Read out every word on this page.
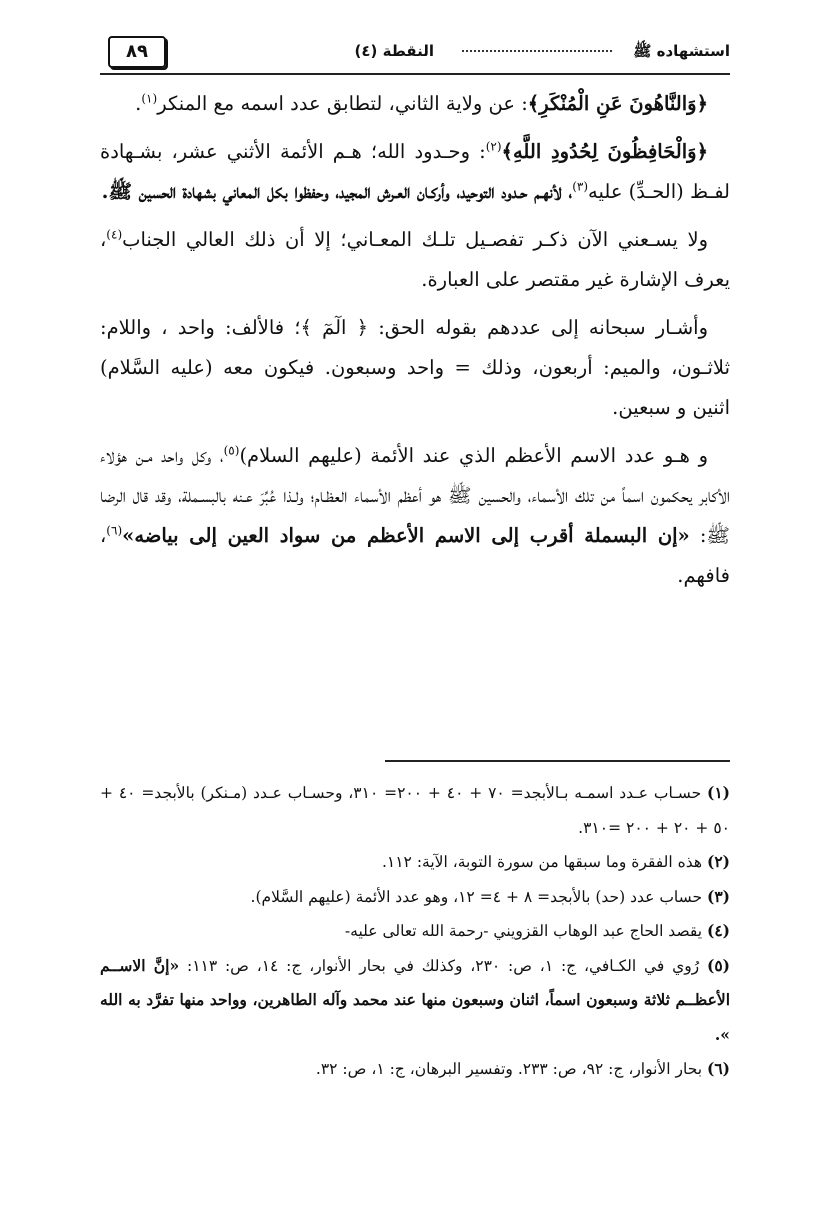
استشهاده ﷺ
النقطة (٤)
٨٩

﴿وَالنَّاهُونَ عَنِ الْمُنْكَرِ﴾: عن ولاية الثاني، لتطابق عدد اسمه مع المنكر$^{(١)}$.

﴿وَالْحَافِظُونَ لِحُدُودِ اللَّهِ﴾$^{(٢)}$: وحـدود الله؛ هـم الأئمة الأثني عشر، بشـهادة لفـظ (الحـدِّ) عليه$^{(٣)}$، لأنهـم حـدود التوحيد، وأركـان العـرش المجيد، وحفظوا بكل المعاني بشهادة الحسين ﷺ.

ولا يسـعني الآن ذكـر تفصـيل تلـك المعـاني؛ إلا أن ذلك العالي الجناب$^{(٤)}$، يعرف الإشارة غير مقتصر على العبارة.

وأشـار سبحانه إلى عددهم بقوله الحق: ﴿ الٓمٓ ﴾؛ فالألف: واحد ، واللام: ثلاثـون، والميم: أربعون، وذلك = واحد وسبعون. فيكون معه (عليه السَّلام) اثنين و سبعين.

و هـو عدد الاسم الأعظم الذي عند الأئمة (عليهم السلام)$^{(٥)}$، وكل واحد مـن هؤلاء الأكابر يحكمون اسماً من تلك الأسماء، والحسين ﷺ هو أعظم الأسماء العظـام؛ ولـذا عُبِّرَ عـنه بالبسـملة، وقد قال الرضا ﷺ: «إن البسملة أقرب إلى الاسم الأعظم من سواد العين إلى بياضه»$^{(٦)}$، فافهم.

(١) حسـاب عـدد اسمـه بـالأبجد= ٧٠ + ٤٠ + ٢٠٠= ٣١٠، وحسـاب عـدد (مـنكر) بالأبجد= ٤٠ + ٥٠ + ٢٠ + ٢٠٠ =٣١٠.

(٢) هذه الفقرة وما سبقها من سورة التوبة، الآية: ١١٢.

(٣) حساب عدد (حد) بالأبجد= ٨ + ٤= ١٢، وهو عدد الأئمة (عليهم السَّلام).

(٤) يقصد الحاج عبد الوهاب القزويني -رحمة الله تعالى عليه-

(٥) رُوي في الكـافي، ج: ١، ص: ٢٣٠، وكذلك في بحار الأنوار، ج: ١٤، ص: ١١٣: «إنَّ الاســم الأعظــم ثلاثة وسبعون اسماً، اثنان وسبعون منها عند محمد وآله الطاهرين، وواحد منها تفرَّد به الله ».

(٦) بحار الأنوار، ج: ٩٢، ص: ٢٣٣. وتفسير البرهان، ج: ١، ص: ٣٢.
